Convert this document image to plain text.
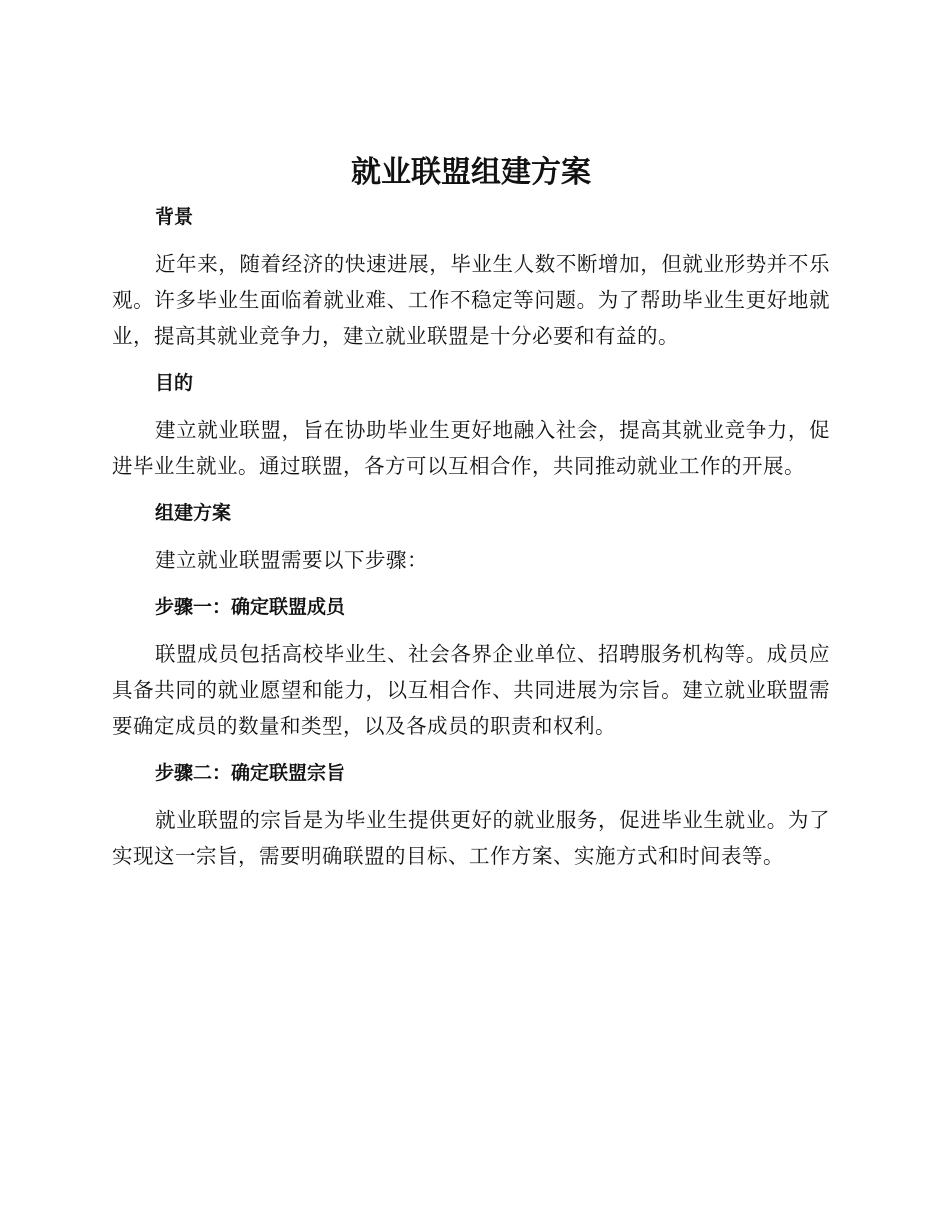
就业联盟组建方案

背景

近年来，随着经济的快速进展，毕业生人数不断增加，但就业形势并不乐观。许多毕业生面临着就业难、工作不稳定等问题。为了帮助毕业生更好地就业，提高其就业竞争力，建立就业联盟是十分必要和有益的。

目的

建立就业联盟，旨在协助毕业生更好地融入社会，提高其就业竞争力，促进毕业生就业。通过联盟，各方可以互相合作，共同推动就业工作的开展。

组建方案

建立就业联盟需要以下步骤：

步骤一：确定联盟成员

联盟成员包括高校毕业生、社会各界企业单位、招聘服务机构等。成员应具备共同的就业愿望和能力，以互相合作、共同进展为宗旨。建立就业联盟需要确定成员的数量和类型，以及各成员的职责和权利。

步骤二：确定联盟宗旨

就业联盟的宗旨是为毕业生提供更好的就业服务，促进毕业生就业。为了实现这一宗旨，需要明确联盟的目标、工作方案、实施方式和时间表等。
